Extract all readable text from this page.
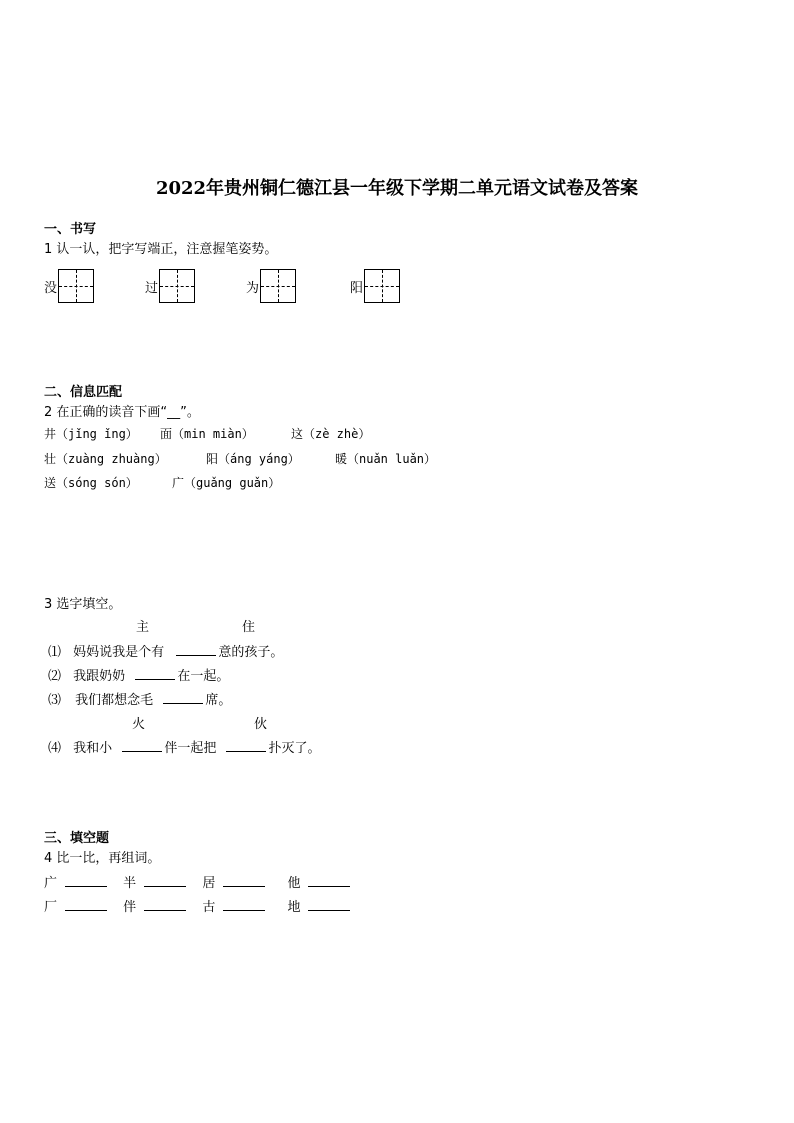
2022年贵州铜仁德江县一年级下学期二单元语文试卷及答案
一、书写
1 认一认，把字写端正，注意握笔姿势。
没	过	为	阳
二、信息匹配
2 在正确的读音下画“__”。
井（jǐng ǐng） 面（min miàn）	这（zè zhè）
壮（zuàng zhuàng）	阳（áng yáng）	暖（nuǎn luǎn）
送（sóng són）	广（guǎng guǎn）
3 选字填空。
主	住
⑴ 妈妈说我是个有	意的孩子。
⑵ 我跟奶奶	在一起。
⑶ 我们都想念毛	席。
火	伙
⑷ 我和小	伴一起把	扑灭了。
三、填空题
4 比一比，再组词。
广	半	居	他
厂	伴	古	地
